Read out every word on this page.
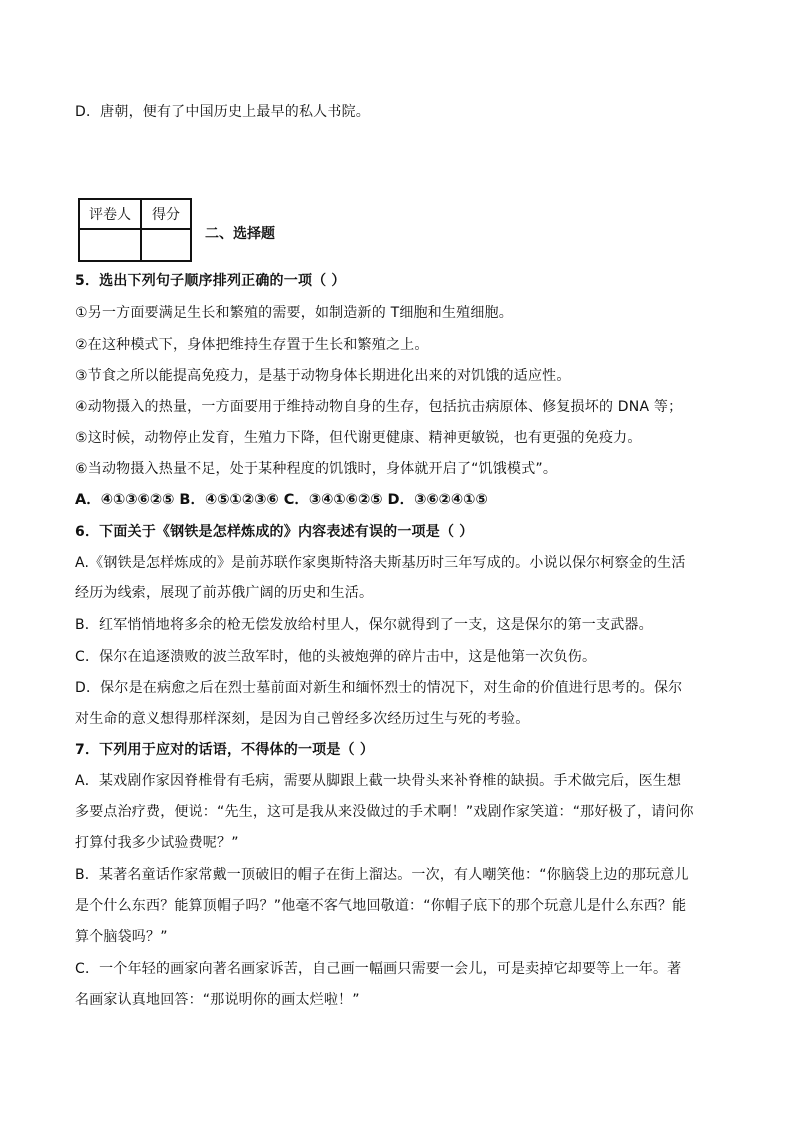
D．唐朝，便有了中国历史上最早的私人书院。
评卷人	得分

二、选择题
5．选出下列句子顺序排列正确的一项（ ）
①另一方面要满足生长和繁殖的需要，如制造新的 T细胞和生殖细胞。
②在这种模式下，身体把维持生存置于生长和繁殖之上。
③节食之所以能提高免疫力，是基于动物身体长期进化出来的对饥饿的适应性。
④动物摄入的热量，一方面要用于维持动物自身的生存，包括抗击病原体、修复损坏的 DNA 等；
⑤这时候，动物停止发育，生殖力下降，但代谢更健康、精神更敏锐，也有更强的免疫力。
⑥当动物摄入热量不足，处于某种程度的饥饿时，身体就开启了“饥饿模式”。
A．④①③⑥②⑤ B．④⑤①②③⑥ C．③④①⑥②⑤ D．③⑥②④①⑤
6．下面关于《钢铁是怎样炼成的》内容表述有误的一项是（ ）
A.《钢铁是怎样炼成的》是前苏联作家奥斯特洛夫斯基历时三年写成的。小说以保尔柯察金的生活
经历为线索，展现了前苏俄广阔的历史和生活。
B．红军悄悄地将多余的枪无偿发放给村里人，保尔就得到了一支，这是保尔的第一支武器。
C．保尔在追逐溃败的波兰敌军时，他的头被炮弹的碎片击中，这是他第一次负伤。
D．保尔是在病愈之后在烈士墓前面对新生和缅怀烈士的情况下，对生命的价值进行思考的。保尔
对生命的意义想得那样深刻，是因为自己曾经多次经历过生与死的考验。
7．下列用于应对的话语，不得体的一项是（ ）
A．某戏剧作家因脊椎骨有毛病，需要从脚跟上截一块骨头来补脊椎的缺损。手术做完后，医生想
多要点治疗费，便说：“先生，这可是我从来没做过的手术啊！”戏剧作家笑道：“那好极了，请问你
打算付我多少试验费呢？”
B．某著名童话作家常戴一顶破旧的帽子在街上溜达。一次，有人嘲笑他：“你脑袋上边的那玩意儿
是个什么东西？能算顶帽子吗？”他毫不客气地回敬道：“你帽子底下的那个玩意儿是什么东西？能
算个脑袋吗？”
C．一个年轻的画家向著名画家诉苦，自己画一幅画只需要一会儿，可是卖掉它却要等上一年。著
名画家认真地回答：“那说明你的画太烂啦！”
